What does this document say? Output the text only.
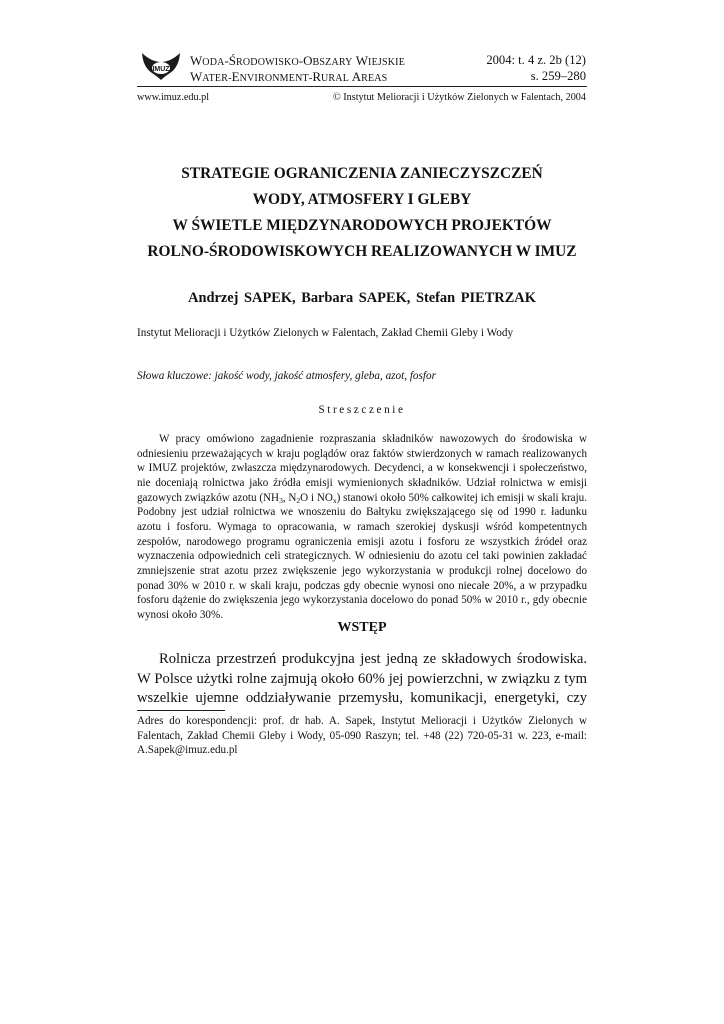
IMUZ
WODA-ŚRODOWISKO-OBSZARY WIEJSKIE
WATER-ENVIRONMENT-RURAL AREAS
2004: t. 4 z. 2b (12)
s. 259–280
www.imuz.edu.pl	© Instytut Melioracji i Użytków Zielonych w Falentach, 2004
STRATEGIE OGRANICZENIA ZANIECZYSZCZEŃ
WODY, ATMOSFERY I GLEBY
W ŚWIETLE MIĘDZYNARODOWYCH PROJEKTÓW
ROLNO-ŚRODOWISKOWYCH REALIZOWANYCH W IMUZ
Andrzej SAPEK, Barbara SAPEK, Stefan PIETRZAK
Instytut Melioracji i Użytków Zielonych w Falentach, Zakład Chemii Gleby i Wody
Słowa kluczowe: jakość wody, jakość atmosfery, gleba, azot, fosfor
Streszczenie

W pracy omówiono zagadnienie rozpraszania składników nawozowych do środowiska w odniesieniu przeważających w kraju poglądów oraz faktów stwierdzonych w ramach realizowanych w IMUZ projektów, zwłaszcza międzynarodowych. Decydenci, a w konsekwencji i społeczeństwo, nie doceniają rolnictwa jako źródła emisji wymienionych składników. Udział rolnictwa w emisji gazowych związków azotu ($NH_3$, $N_2O$ i $NO_x$) stanowi około 50% całkowitej ich emisji w skali kraju. Podobny jest udział rolnictwa we wnoszeniu do Bałtyku zwiększającego się od 1990 r. ładunku azotu i fosforu. Wymaga to opracowania, w ramach szerokiej dyskusji wśród kompetentnych zespołów, narodowego programu ograniczenia emisji azotu i fosforu ze wszystkich źródeł oraz wyznaczenia odpowiednich celi strategicznych. W odniesieniu do azotu cel taki powinien zakładać zmniejszenie strat azotu przez zwiększenie jego wykorzystania w produkcji rolnej docelowo do ponad 30% w 2010 r. w skali kraju, podczas gdy obecnie wynosi ono niecałe 20%, a w przypadku fosforu dążenie do zwiększenia jego wykorzystania docelowo do ponad 50% w 2010 r., gdy obecnie wynosi około 30%.

WSTĘP

Rolnicza przestrzeń produkcyjna jest jedną ze składowych środowiska. W Polsce użytki rolne zajmują około 60% jej powierzchni, w związku z tym wszelkie ujemne oddziaływanie przemysłu, komunikacji, energetyki, czy

Adres do korespondencji: prof. dr hab. A. Sapek, Instytut Melioracji i Użytków Zielonych w Falentach, Zakład Chemii Gleby i Wody, 05-090 Raszyn; tel. +48 (22) 720-05-31 w. 223, e-mail: A.Sapek@imuz.edu.pl
